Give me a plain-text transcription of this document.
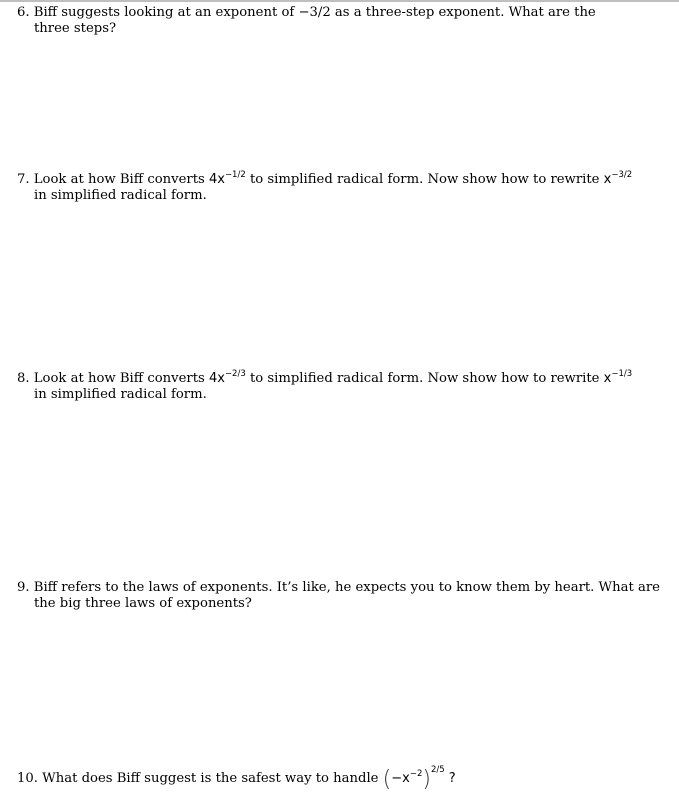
6. Biff suggests looking at an exponent of −3/2 as a three-step exponent. What are the
three steps?
7. Look at how Biff converts $4x^{-1/2}$ to simplified radical form. Now show how to rewrite $x^{-3/2}$
in simplified radical form.
8. Look at how Biff converts $4x^{-2/3}$ to simplified radical form. Now show how to rewrite $x^{-1/3}$
in simplified radical form.
9. Biff refers to the laws of exponents. It’s like, he expects you to know them by heart. What are
the big three laws of exponents?
10. What does Biff suggest is the safest way to handle $(-x^{-2})^{2/5}$ ?
